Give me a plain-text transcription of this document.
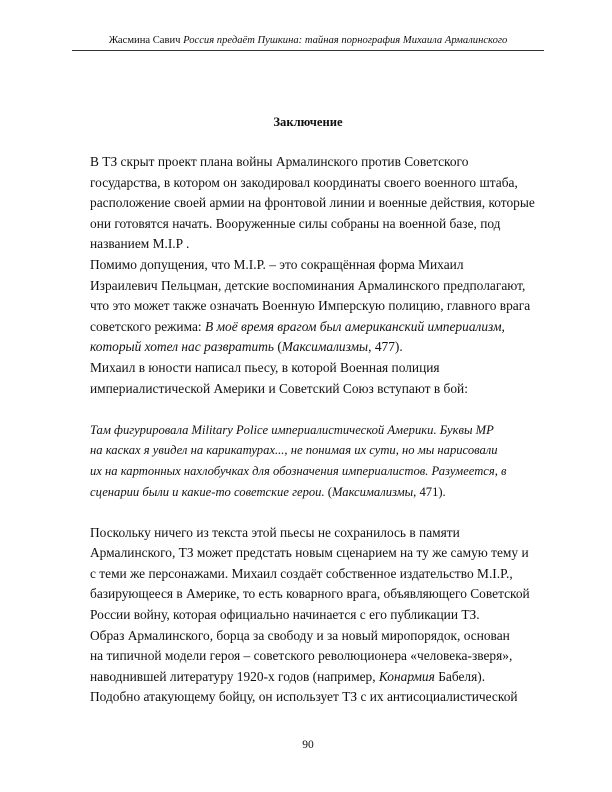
Жасмина Савич Россия предаёт Пушкина: тайная порнография Михаила Армалинского
Заключение

В ТЗ скрыт проект плана войны Армалинского против Советского
государства, в котором он закодировал координаты своего военного штаба,
расположение своей армии на фронтовой линии и военные действия, которые
они готовятся начать. Вооруженные силы собраны на военной базе, под
названием M.I.P .

Помимо допущения, что M.I.P. – это сокращённая форма Михаил
Израилевич Пельцман, детские воспоминания Армалинского предполагают,
что это может также означать Военную Имперскую полицию, главного врага
советского режима: В моё время врагом был американский империализм,
который хотел нас развратить (Максимализмы, 477).

Михаил в юности написал пьесу, в которой Военная полиция
империалистической Америки и Советский Союз вступают в бой:

Там фигурировала Military Police империалистической Америки. Буквы MP
на касках я увидел на карикатурах..., не понимая их сути, но мы нарисовали
их на картонных нахлобучках для обозначения империалистов. Разумеется, в
сценарии были и какие-то советские герои. (Максимализмы, 471).

Поскольку ничего из текста этой пьесы не сохранилось в памяти
Армалинского, ТЗ может предстать новым сценарием на ту же самую тему и
с теми же персонажами. Михаил создаёт собственное издательство M.I.P.,
базирующееся в Америке, то есть коварного врага, объявляющего Советской
России войну, которая официально начинается с его публикации ТЗ.

Образ Армалинского, борца за свободу и за новый миропорядок, основан
на типичной модели героя – советского революционера «человека-зверя»,
наводнившей литературу 1920-х годов (например, Конармия Бабеля).
Подобно атакующему бойцу, он использует ТЗ с их антисоциалистической

90
